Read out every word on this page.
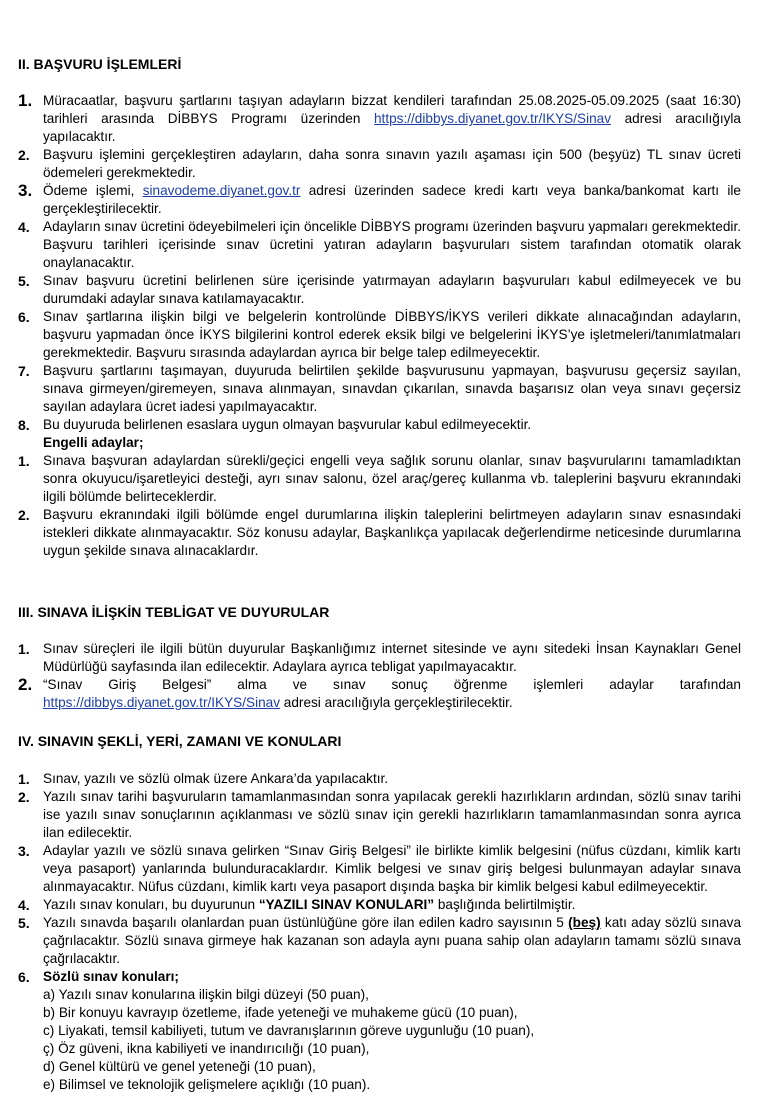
II. BAŞVURU İŞLEMLERİ
1. Müracaatlar, başvuru şartlarını taşıyan adayların bizzat kendileri tarafından 25.08.2025-05.09.2025 (saat 16:30) tarihleri arasında DİBBYS Programı üzerinden https://dibbys.diyanet.gov.tr/IKYS/Sinav adresi aracılığıyla yapılacaktır.
2. Başvuru işlemini gerçekleştiren adayların, daha sonra sınavın yazılı aşaması için 500 (beşyüz) TL sınav ücreti ödemeleri gerekmektedir.
3. Ödeme işlemi, sinavodeme.diyanet.gov.tr adresi üzerinden sadece kredi kartı veya banka/bankomat kartı ile gerçekleştirilecektir.
4. Adayların sınav ücretini ödeyebilmeleri için öncelikle DİBBYS programı üzerinden başvuru yapmaları gerekmektedir. Başvuru tarihleri içerisinde sınav ücretini yatıran adayların başvuruları sistem tarafından otomatik olarak onaylanacaktır.
5. Sınav başvuru ücretini belirlenen süre içerisinde yatırmayan adayların başvuruları kabul edilmeyecek ve bu durumdaki adaylar sınava katılamayacaktır.
6. Sınav şartlarına ilişkin bilgi ve belgelerin kontrolünde DİBBYS/İKYS verileri dikkate alınacağından adayların, başvuru yapmadan önce İKYS bilgilerini kontrol ederek eksik bilgi ve belgelerini İKYS’ye işletmeleri/tanımlatmaları gerekmektedir. Başvuru sırasında adaylardan ayrıca bir belge talep edilmeyecektir.
7. Başvuru şartlarını taşımayan, duyuruda belirtilen şekilde başvurusunu yapmayan, başvurusu geçersiz sayılan, sınava girmeyen/giremeyen, sınava alınmayan, sınavdan çıkarılan, sınavda başarısız olan veya sınavı geçersiz sayılan adaylara ücret iadesi yapılmayacaktır.
8. Bu duyuruda belirlenen esaslara uygun olmayan başvurular kabul edilmeyecektir.
Engelli adaylar;
1. Sınava başvuran adaylardan sürekli/geçici engelli veya sağlık sorunu olanlar, sınav başvurularını tamamladıktan sonra okuyucu/işaretleyici desteği, ayrı sınav salonu, özel araç/gereç kullanma vb. taleplerini başvuru ekranındaki ilgili bölümde belirteceklerdir.
2. Başvuru ekranındaki ilgili bölümde engel durumlarına ilişkin taleplerini belirtmeyen adayların sınav esnasındaki istekleri dikkate alınmayacaktır. Söz konusu adaylar, Başkanlıkça yapılacak değerlendirme neticesinde durumlarına uygun şekilde sınava alınacaklardır.
III. SINAVA İLİŞKİN TEBLİGAT VE DUYURULAR
1. Sınav süreçleri ile ilgili bütün duyurular Başkanlığımız internet sitesinde ve aynı sitedeki İnsan Kaynakları Genel Müdürlüğü sayfasında ilan edilecektir. Adaylara ayrıca tebligat yapılmayacaktır.
2. “Sınav Giriş Belgesi” alma ve sınav sonuç öğrenme işlemleri adaylar tarafından
https://dibbys.diyanet.gov.tr/IKYS/Sinav adresi aracılığıyla gerçekleştirilecektir.
IV. SINAVIN ŞEKLİ, YERİ, ZAMANI VE KONULARI
1. Sınav, yazılı ve sözlü olmak üzere Ankara’da yapılacaktır.
2. Yazılı sınav tarihi başvuruların tamamlanmasından sonra yapılacak gerekli hazırlıkların ardından, sözlü sınav tarihi ise yazılı sınav sonuçlarının açıklanması ve sözlü sınav için gerekli hazırlıkların tamamlanmasından sonra ayrıca ilan edilecektir.
3. Adaylar yazılı ve sözlü sınava gelirken “Sınav Giriş Belgesi” ile birlikte kimlik belgesini (nüfus cüzdanı, kimlik kartı veya pasaport) yanlarında bulunduracaklardır. Kimlik belgesi ve sınav giriş belgesi bulunmayan adaylar sınava alınmayacaktır. Nüfus cüzdanı, kimlik kartı veya pasaport dışında başka bir kimlik belgesi kabul edilmeyecektir.
4. Yazılı sınav konuları, bu duyurunun “YAZILI SINAV KONULARI” başlığında belirtilmiştir.
5. Yazılı sınavda başarılı olanlardan puan üstünlüğüne göre ilan edilen kadro sayısının 5 (beş) katı aday sözlü sınava çağrılacaktır. Sözlü sınava girmeye hak kazanan son adayla aynı puana sahip olan adayların tamamı sözlü sınava çağrılacaktır.
6. Sözlü sınav konuları;
a) Yazılı sınav konularına ilişkin bilgi düzeyi (50 puan),
b) Bir konuyu kavrayıp özetleme, ifade yeteneği ve muhakeme gücü (10 puan),
c) Liyakati, temsil kabiliyeti, tutum ve davranışlarının göreve uygunluğu (10 puan),
ç) Öz güveni, ikna kabiliyeti ve inandırıcılığı (10 puan),
d) Genel kültürü ve genel yeteneği (10 puan),
e) Bilimsel ve teknolojik gelişmelere açıklığı (10 puan).
